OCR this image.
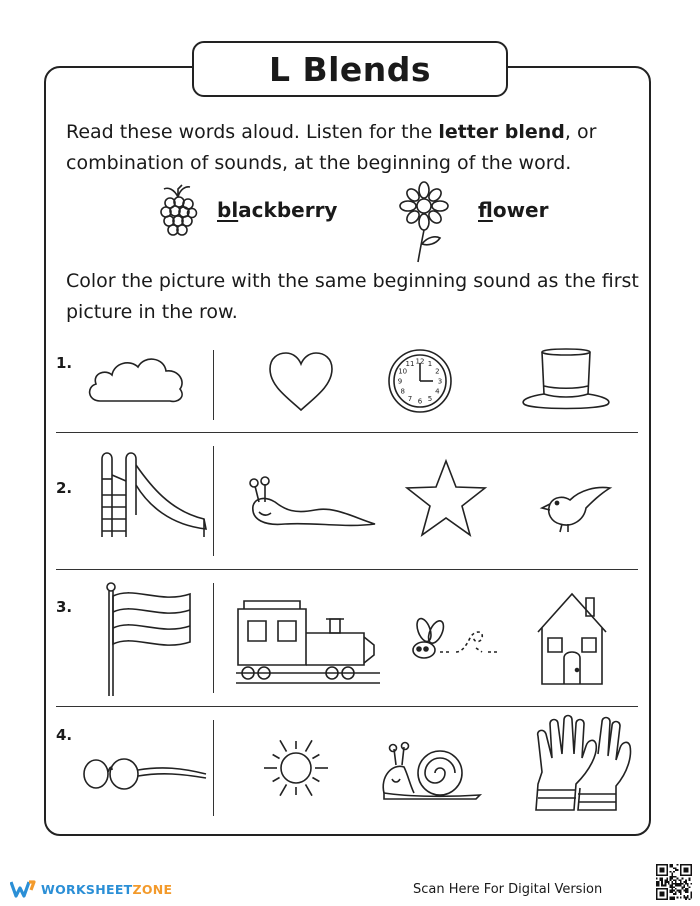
L Blends
Read these words aloud. Listen for the letter blend, or combination of sounds, at the beginning of the word.
blackberry	flower
Color the picture with the same beginning sound as the first picture in the row.
1.
2.
3.
4.
12 1
2
3
4
5
6
7
8
9
10
11
WORKSHEET ZONE	Scan Here For Digital Version
